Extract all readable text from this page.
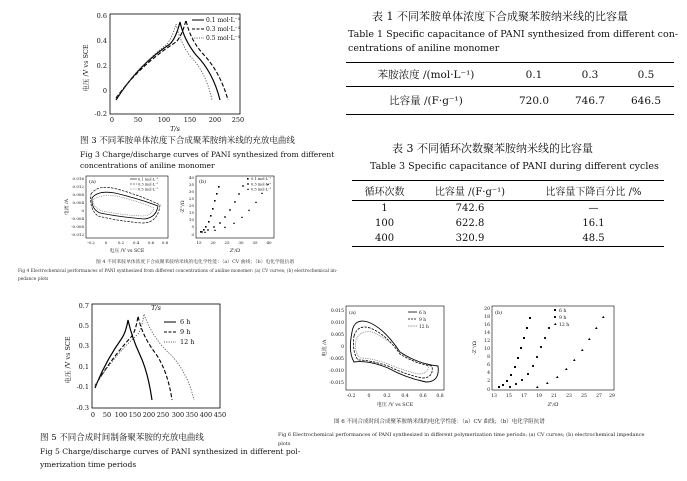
0.6
0.4
0.2
0
-0.2
0	50 100 150 200 250
T/s
电压 /V vs SCE
0.1 mol·L⁻¹
0.3 mol·L⁻¹
0.5 mol·L⁻¹
图 3 不同苯胺单体浓度下合成聚苯胺纳米线的充放电曲线
Fig 3 Charge/discharge curves of PANI synthesized from different
concentrations of aniline monomer
(a)
0.016
0.012
0.008
0.004
0
-0.004
-0.008
-0.012
-0.2 0	0.2 0.4 0.6 0.8
电压 /V vs SCE
电流 /A
0.1 mol·L⁻¹
0.3 mol·L⁻¹
0.5 mol·L⁻¹
(b)
40
35
30
25
20
15
10
5
0
15 20 25 30 35 40
Z'/Ω
-Z''/Ω
0.1 mol·L⁻¹
0.3 mol·L⁻¹
0.5 mol·L⁻¹
图 4 不同苯胺单体浓度下合成聚苯胺纳米线的电化学性能：（a）CV 曲线；（b）电化学阻抗谱
Fig 4 Electrochemical performances of PANI synthesized from different concentrations of aniline monomer: (a) CV curves; (b) electrochemical im-
pedance plots
表 1 不同苯胺单体浓度下合成聚苯胺纳米线的比容量
Table 1 Specific capacitance of PANI synthesized from different con-
centrations of aniline monomer
苯胺浓度 /(mol·L⁻¹)	0.1	0.3	0.5
比容量 /(F·g⁻¹)	720.0	746.7	646.5
表 3 不同循环次数聚苯胺纳米线的比容量
Table 3 Specific capacitance of PANI during different cycles
循环次数	比容量 /(F·g⁻¹)	比容量下降百分比 /%
1	742.6	—
100	622.8	16.1
400	320.9	48.5
0.7
0.5
0.3
0.1
-0.1
-0.3
0 50 100 150 200 250 300 350 400 450
T/s
电压 /V vs SCE
6 h
9 h
12 h
图 5 不同合成时间制备聚苯胺的充放电曲线
Fig 5 Charge/discharge curves of PANI synthesized in different pol-
ymerization time periods
(a)
0.015
0.010
0.005
0
-0.005
-0.010
-0.015
-0.2	0	0.2 0.4 0.6 0.8
电压 /V vs SCE
电流 /A
6 h
9 h
12 h
(b)
20
18
16
14
12
10
8
6
4
2
0
13 15 17 19 21 23 25 27 29
Z'/Ω
-Z''/Ω
6 h
9 h
12 h
图 6 不同合成时间合成聚苯胺纳米线的电化学性能：（a）CV 曲线；（b）电化学阻抗谱
Fig 6 Electrochemical performances of PANI synthesized in different polymerization time periods: (a) CV curves; (b) electrochemical impedance
plots
